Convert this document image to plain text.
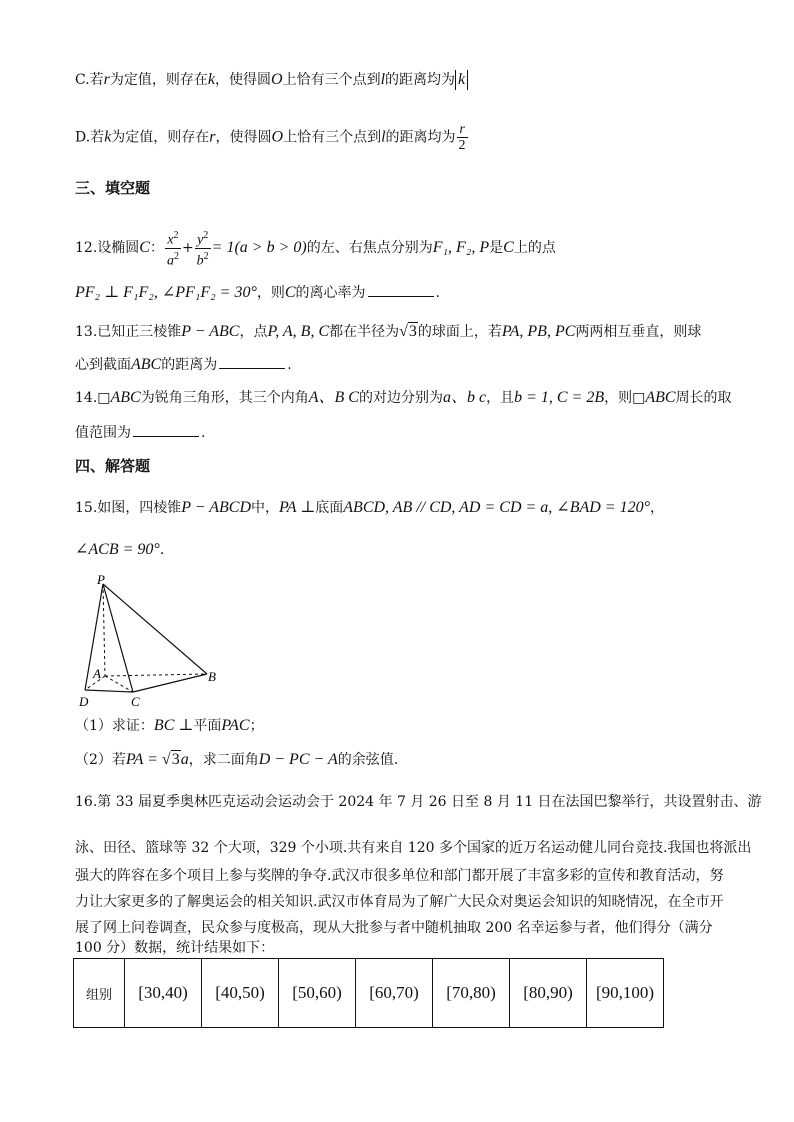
C.若r为定值，则存在k，使得圆O上恰有三个点到l的距离均为 k
D.若k为定值，则存在r，使得圆O上恰有三个点到l的距离均为 $\frac{r}{2}$
三、填空题
12.设椭圆C： $\frac{x^2}{a^2} + \frac{y^2}{b^2} = 1(a > b > 0)$的左、右焦点分别为F₁, F₂, P是C上的点
PF₂ ⊥ F₁F₂, ∠PF₁F₂ = 30°，则C的离心率为	.
13.已知正三棱锥P − ABC，点P, A, B, C都在半径为√3的球面上，若PA, PB, PC两两相互垂直，则球
心到截面ABC的距离为	.
14.□ABC为锐角三角形，其三个内角A、B C的对边分别为a、b c，且b = 1, C = 2B，则□ABC周长的取
值范围为	.
四、解答题
15.如图，四棱锥P − ABCD中，PA ⊥底面ABCD, AB // CD, AD = CD = a, ∠BAD = 120°，
∠ACB = 90°.
P
A	B
C
D
（1）求证：BC ⊥平面PAC；
（2）若PA = √3a，求二面角D − PC − A的余弦值.
16.第 33 届夏季奥林匹克运动会运动会于 2024 年 7 月 26 日至 8 月 11 日在法国巴黎举行，共设置射击、游
泳、田径、篮球等 32 个大项，329 个小项.共有来自 120 多个国家的近万名运动健儿同台竞技.我国也将派出
强大的阵容在多个项目上参与奖牌的争夺.武汉市很多单位和部门都开展了丰富多彩的宣传和教育活动，努
力让大家更多的了解奥运会的相关知识.武汉市体育局为了解广大民众对奥运会知识的知晓情况，在全市开
展了网上问卷调查，民众参与度极高，现从大批参与者中随机抽取 200 名幸运参与者，他们得分（满分
组别	[30,40)	[40,50)	[50,60)	[60,70)	[70,80)	[80,90)	[90,100)
100 分）数据，统计结果如下：
